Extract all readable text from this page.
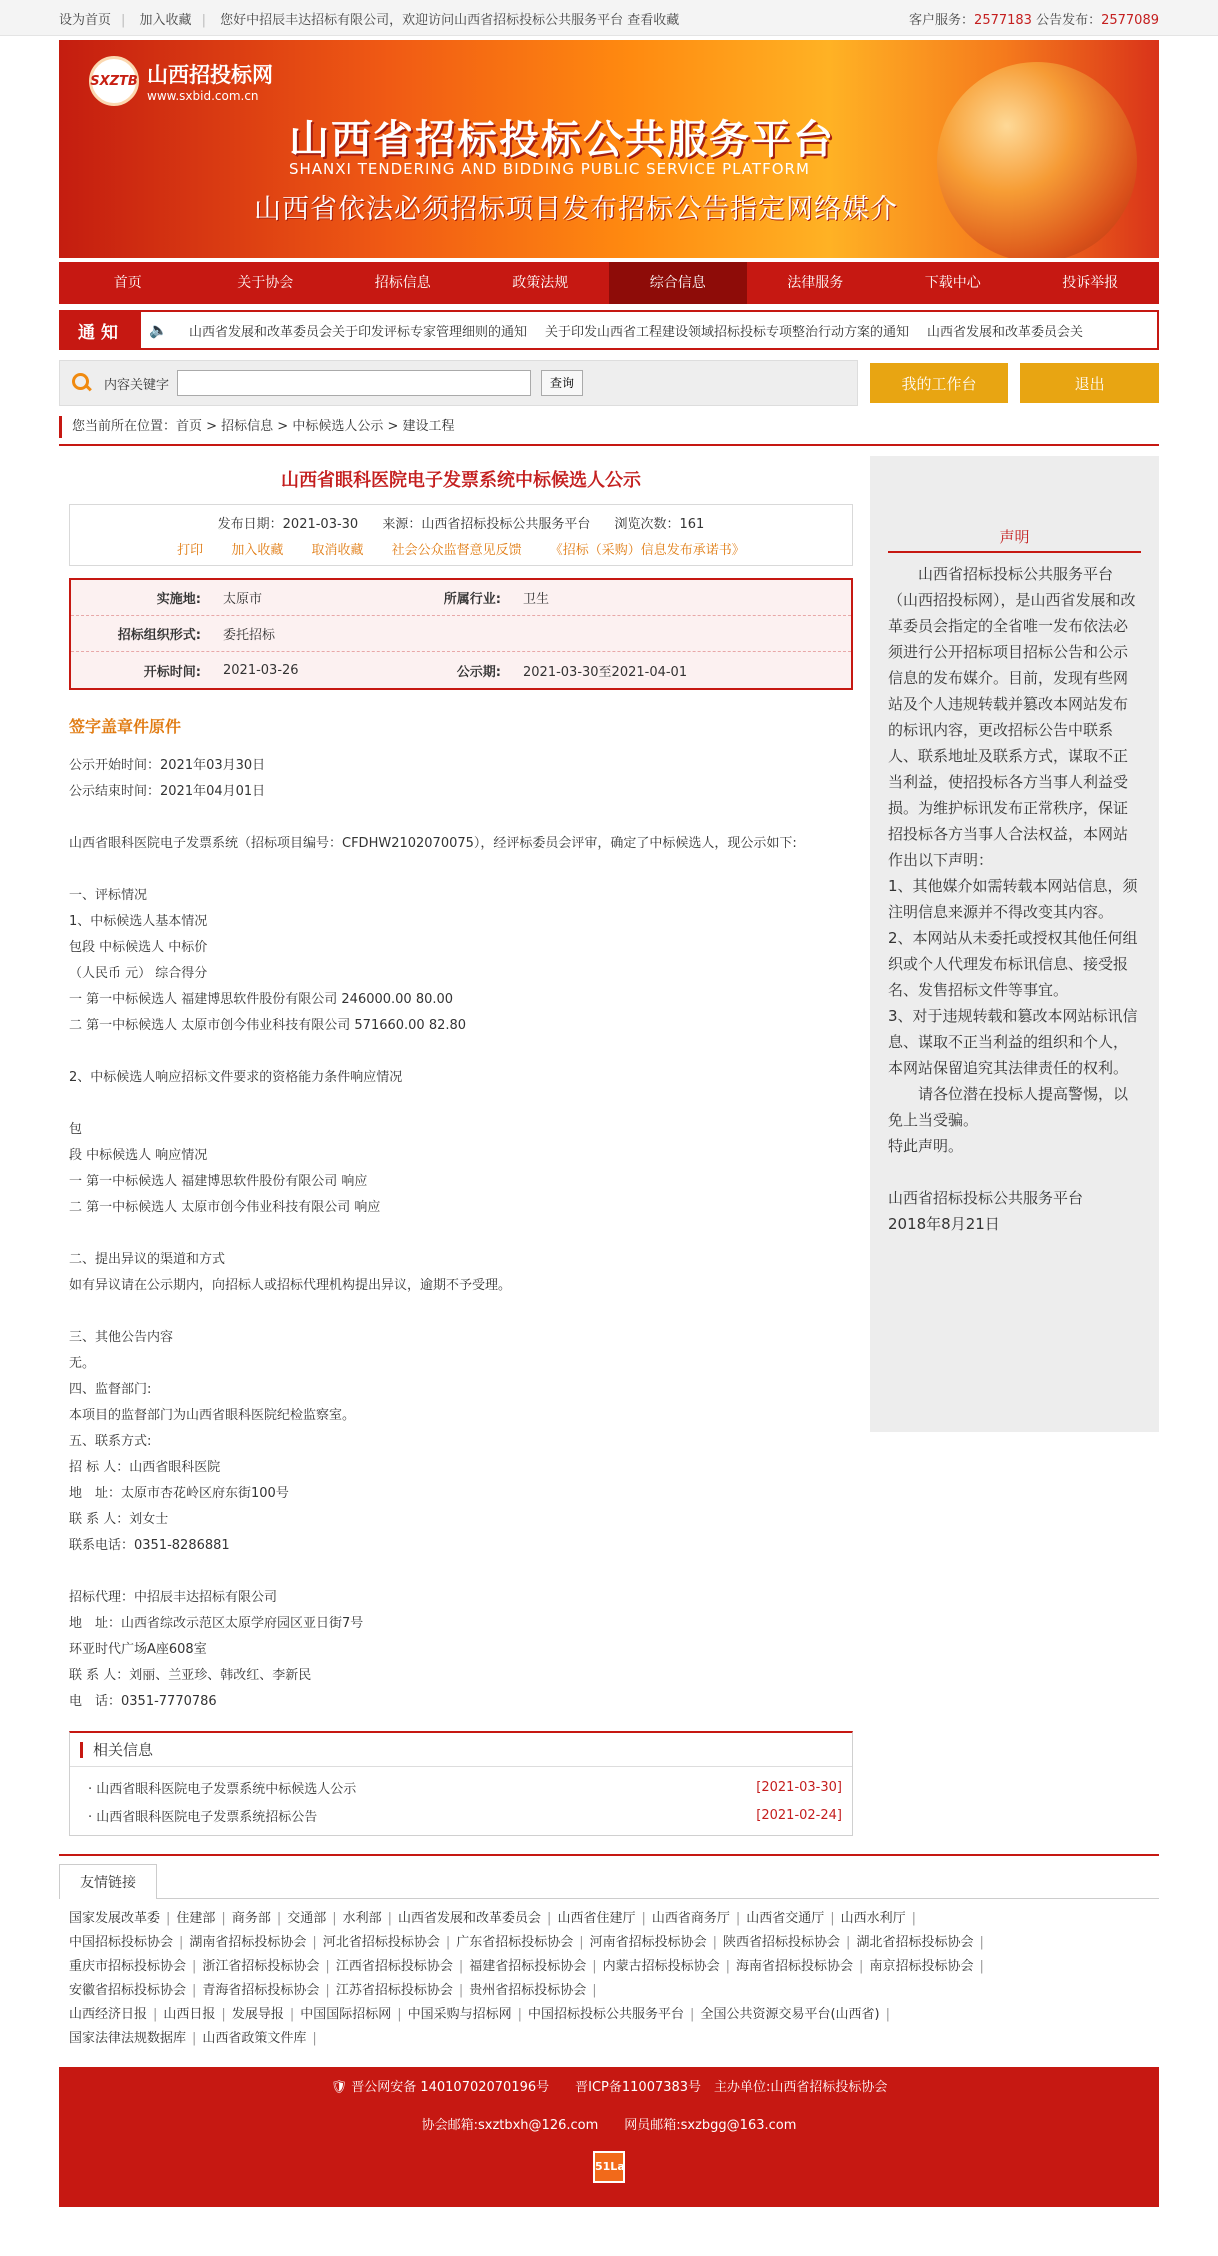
设为首页 | 加入收藏 | 您好中招辰丰达招标有限公司，欢迎访问山西省招标投标公共服务平台 查看收藏	客户服务：2577183 公告发布：2577089
SXZTB 山西招投标网
www.sxbid.com.cn
山西省招标投标公共服务平台
SHANXI TENDERING AND BIDDING PUBLIC SERVICE PLATFORM
山西省依法必须招标项目发布招标公告指定网络媒介
首页	关于协会	招标信息	政策法规	综合信息	法律服务	下载中心	投诉举报
通知	🔈 山西省发展和改革委员会关于印发评标专家管理细则的通知 关于印发山西省工程建设领域招标投标专项整治行动方案的通知 山西省发展和改革委员会关
内容关键字	查询	我的工作台	退出
您当前所在位置：首页 > 招标信息 > 中标候选人公示 > 建设工程
山西省眼科医院电子发票系统中标候选人公示
发布日期：2021-03-30 来源：山西省招标投标公共服务平台 浏览次数：161
打印 加入收藏 取消收藏 社会公众监督意见反馈 《招标（采购）信息发布承诺书》
实施地:	太原市	所属行业:	卫生
招标组织形式:	委托招标
开标时间:	2021-03-26	公示期:	2021-03-30至2021-04-01
签字盖章件原件

公示开始时间：2021年03月30日

公示结束时间：2021年04月01日

山西省眼科医院电子发票系统（招标项目编号：CFDHW2102070075），经评标委员会评审，确定了中标候选人，现公示如下:

一、评标情况

1、中标候选人基本情况

包段 中标候选人 中标价

（人民币 元） 综合得分

一 第一中标候选人 福建博思软件股份有限公司 246000.00 80.00

二 第一中标候选人 太原市创今伟业科技有限公司 571660.00 82.80

2、中标候选人响应招标文件要求的资格能力条件响应情况

包

段 中标候选人 响应情况

一 第一中标候选人 福建博思软件股份有限公司 响应

二 第一中标候选人 太原市创今伟业科技有限公司 响应

二、提出异议的渠道和方式

如有异议请在公示期内，向招标人或招标代理机构提出异议，逾期不予受理。

三、其他公告内容

无。

四、监督部门:

本项目的监督部门为山西省眼科医院纪检监察室。

五、联系方式:

招 标 人：山西省眼科医院

地　址：太原市杏花岭区府东街100号

联 系 人：刘女士

联系电话：0351-8286881

招标代理：中招辰丰达招标有限公司

地　址：山西省综改示范区太原学府园区亚日街7号

环亚时代广场A座608室

联 系 人：刘丽、兰亚珍、韩改红、李新民

电　话：0351-7770786

相关信息
· 山西省眼科医院电子发票系统中标候选人公示	[2021-03-30]
· 山西省眼科医院电子发票系统招标公告	[2021-02-24]
声明

　　山西省招标投标公共服务平台（山西招投标网），是山西省发展和改革委员会指定的全省唯一发布依法必须进行公开招标项目招标公告和公示信息的发布媒介。目前，发现有些网站及个人违规转载并篡改本网站发布的标讯内容，更改招标公告中联系人、联系地址及联系方式，谋取不正当利益，使招投标各方当事人利益受损。为维护标讯发布正常秩序，保证招投标各方当事人合法权益，本网站作出以下声明：

1、其他媒介如需转载本网站信息，须注明信息来源并不得改变其内容。

2、本网站从未委托或授权其他任何组织或个人代理发布标讯信息、接受报名、发售招标文件等事宜。

3、对于违规转载和篡改本网站标讯信息、谋取不正当利益的组织和个人，本网站保留追究其法律责任的权利。

　　请各位潜在投标人提高警惕，以免上当受骗。

特此声明。

山西省招标投标公共服务平台

2018年8月21日

友情链接
国家发展改革委 | 住建部 | 商务部 | 交通部 | 水利部 | 山西省发展和改革委员会 | 山西省住建厅 | 山西省商务厅 | 山西省交通厅 | 山西水利厅 |
中国招标投标协会 | 湖南省招标投标协会 | 河北省招标投标协会 | 广东省招标投标协会 | 河南省招标投标协会 | 陕西省招标投标协会 | 湖北省招标投标协会 |
重庆市招标投标协会 | 浙江省招标投标协会 | 江西省招标投标协会 | 福建省招标投标协会 | 内蒙古招标投标协会 | 海南省招标投标协会 | 南京招标投标协会 |
安徽省招标投标协会 | 青海省招标投标协会 | 江苏省招标投标协会 | 贵州省招标投标协会 |
山西经济日报 | 山西日报 | 发展导报 | 中国国际招标网 | 中国采购与招标网 | 中国招标投标公共服务平台 | 全国公共资源交易平台(山西省) |
国家法律法规数据库 | 山西省政策文件库 |
🛡 晋公网安备 14010702070196号　　晋ICP备11007383号　主办单位:山西省招标投标协会
协会邮箱:sxztbxh@126.com　　网员邮箱:sxzbgg@163.com
51La
